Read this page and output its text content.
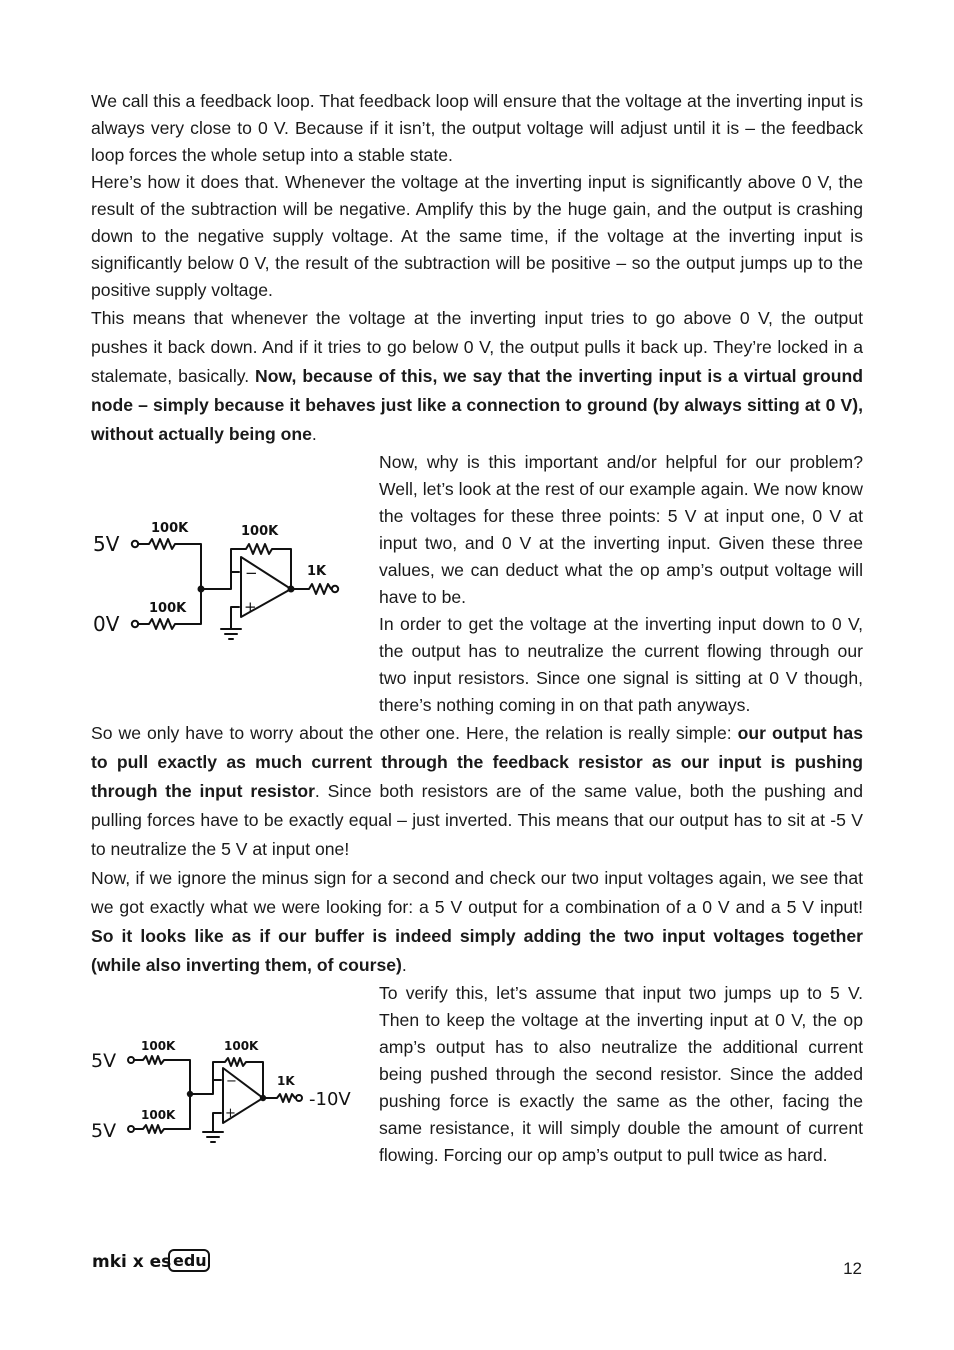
We call this a feedback loop. That feedback loop will ensure that the voltage at the inverting input is always very close to 0 V. Because if it isn’t, the output voltage will adjust until it is – the feedback loop forces the whole setup into a stable state.

Here’s how it does that. Whenever the voltage at the inverting input is significantly above 0 V, the result of the subtraction will be negative. Amplify this by the huge gain, and the output is crashing down to the negative supply voltage. At the same time, if the voltage at the inverting input is significantly below 0 V, the result of the subtraction will be positive – so the output jumps up to the positive supply voltage.

This means that whenever the voltage at the inverting input tries to go above 0 V, the output pushes it back down. And if it tries to go below 0 V, the output pulls it back up. They’re locked in a stalemate, basically. Now, because of this, we say that the inverting input is a virtual ground node – simply because it behaves just like a connection to ground (by always sitting at 0 V), without actually being one.

5V
0V
100K
100K
100K
1K
−
+

Now, why is this important and/or helpful for our problem? Well, let’s look at the rest of our example again. We now know the voltages for these three points: 5 V at input one, 0 V at input two, and 0 V at the inverting input. Given these three values, we can deduct what the op amp’s output voltage will have to be.

In order to get the voltage at the inverting input down to 0 V, the output has to neutralize the current flowing through our two input resistors. Since one signal is sitting at 0 V though, there’s nothing coming in on that path anyways.

So we only have to worry about the other one. Here, the relation is really simple: our output has to pull exactly as much current through the feedback resistor as our input is pushing through the input resistor. Since both resistors are of the same value, both the pushing and pulling forces have to be exactly equal – just inverted. This means that our output has to sit at -5 V to neutralize the 5 V at input one!

Now, if we ignore the minus sign for a second and check our two input voltages again, we see that we got exactly what we were looking for: a 5 V output for a combination of a 0 V and a 5 V input! So it looks like as if our buffer is indeed simply adding the two input voltages together (while also inverting them, of course).

5V
5V
100K
100K
100K
1K
-10V
−
+

To verify this, let’s assume that input two jumps up to 5 V. Then to keep the voltage at the inverting input at 0 V, the op amp’s output has to also neutralize the additional current being pushed through the second resistor. Since the added pushing force is exactly the same as the other, facing the same resistance, it will simply double the amount of current flowing. Forcing our op amp’s output to pull twice as hard.

mki x es edu	12
